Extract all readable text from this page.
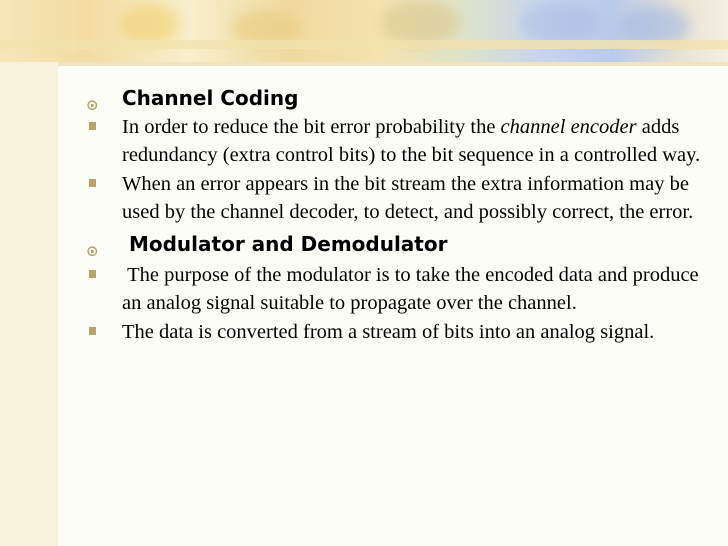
⊙	Channel Coding
In order to reduce the bit error probability the channel encoder adds redundancy (extra control bits) to the bit sequence in a controlled way.
When an error appears in the bit stream the extra information may be used by the channel decoder, to detect, and possibly correct, the error.
⊙	Modulator and Demodulator
The purpose of the modulator is to take the encoded data and produce an analog signal suitable to propagate over the channel.
The data is converted from a stream of bits into an analog signal.
